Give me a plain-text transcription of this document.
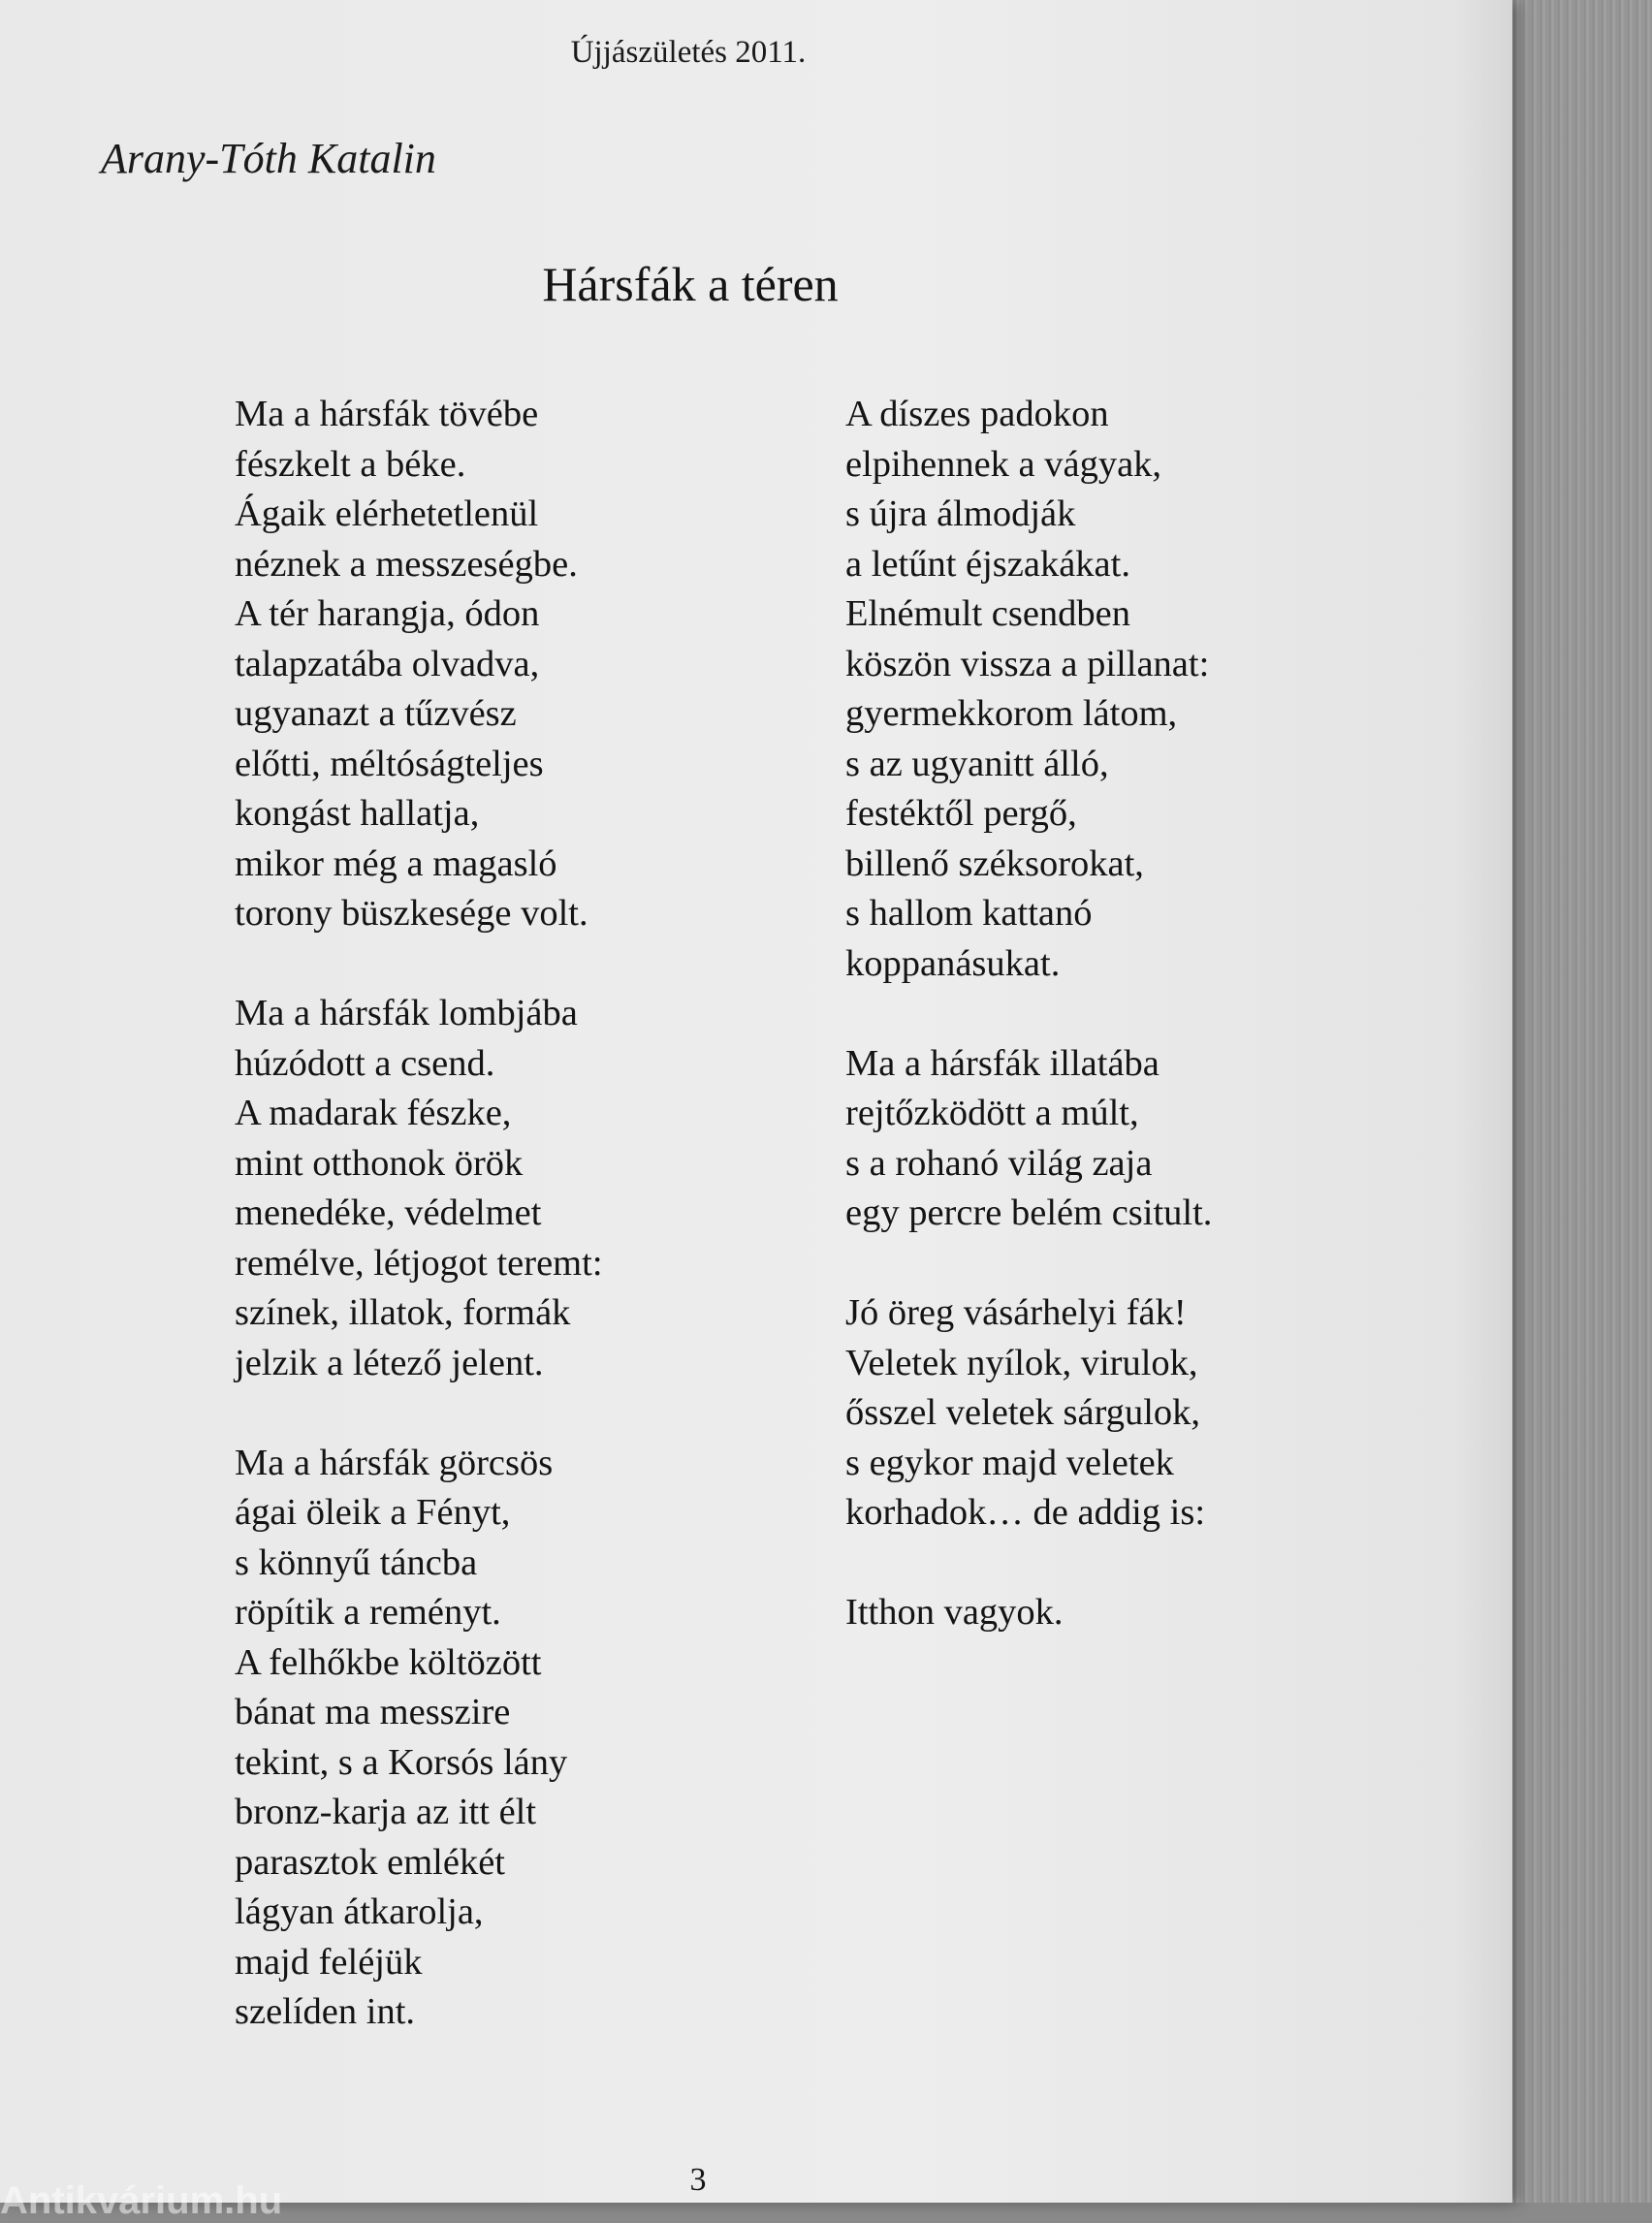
Újjászületés 2011.
Arany-Tóth Katalin
Hársfák a téren
Ma a hársfák tövébe
fészkelt a béke.
Ágaik elérhetetlenül
néznek a messzeségbe.
A tér harangja, ódon
talapzatába olvadva,
ugyanazt a tűzvész
előtti, méltóságteljes
kongást hallatja,
mikor még a magasló
torony büszkesége volt.
Ma a hársfák lombjába
húzódott a csend.
A madarak fészke,
mint otthonok örök
menedéke, védelmet
remélve, létjogot teremt:
színek, illatok, formák
jelzik a létező jelent.
Ma a hársfák görcsös
ágai öleik a Fényt,
s könnyű táncba
röpítik a reményt.
A felhőkbe költözött
bánat ma messzire
tekint, s a Korsós lány
bronz-karja az itt élt
parasztok emlékét
lágyan átkarolja,
majd feléjük
szelíden int.
A díszes padokon
elpihennek a vágyak,
s újra álmodják
a letűnt éjszakákat.
Elnémult csendben
köszön vissza a pillanat:
gyermekkorom látom,
s az ugyanitt álló,
festéktől pergő,
billenő széksorokat,
s hallom kattanó
koppanásukat.
Ma a hársfák illatába
rejtőzködött a múlt,
s a rohanó világ zaja
egy percre belém csitult.
Jó öreg vásárhelyi fák!
Veletek nyílok, virulok,
ősszel veletek sárgulok,
s egykor majd veletek
korhadok… de addig is:
Itthon vagyok.
3
Antikvárium.hu
